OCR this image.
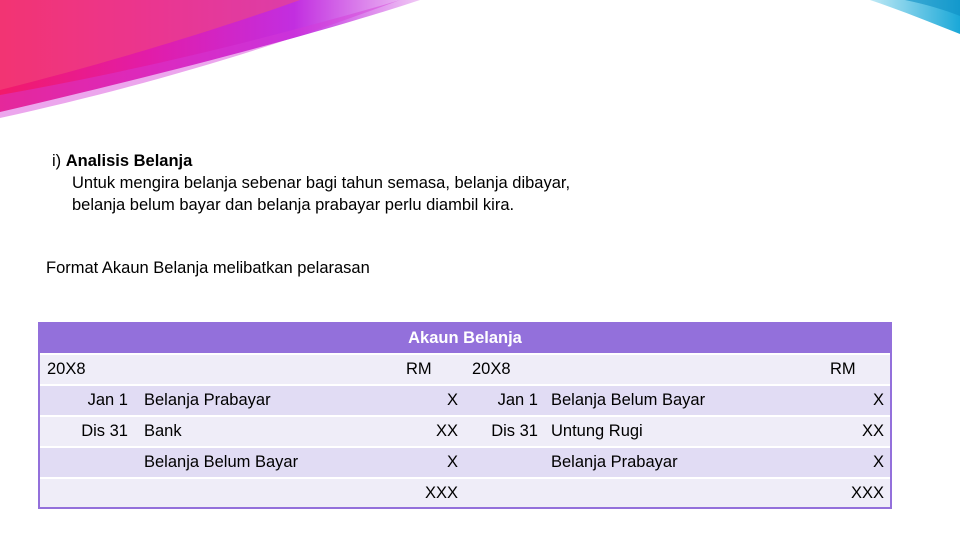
i) Analisis Belanja
Untuk mengira belanja sebenar bagi tahun semasa, belanja dibayar,
belanja belum bayar dan belanja prabayar perlu diambil kira.
Format Akaun Belanja melibatkan pelarasan
Akaun Belanja
20X8	RM 20X8	RM
Jan 1 Belanja Prabayar	X	Jan 1 Belanja Belum Bayar	X
Dis 31 Bank	XX	Dis 31 Untung Rugi	XX
Belanja Belum Bayar	X	Belanja Prabayar	X
XXX	XXX
